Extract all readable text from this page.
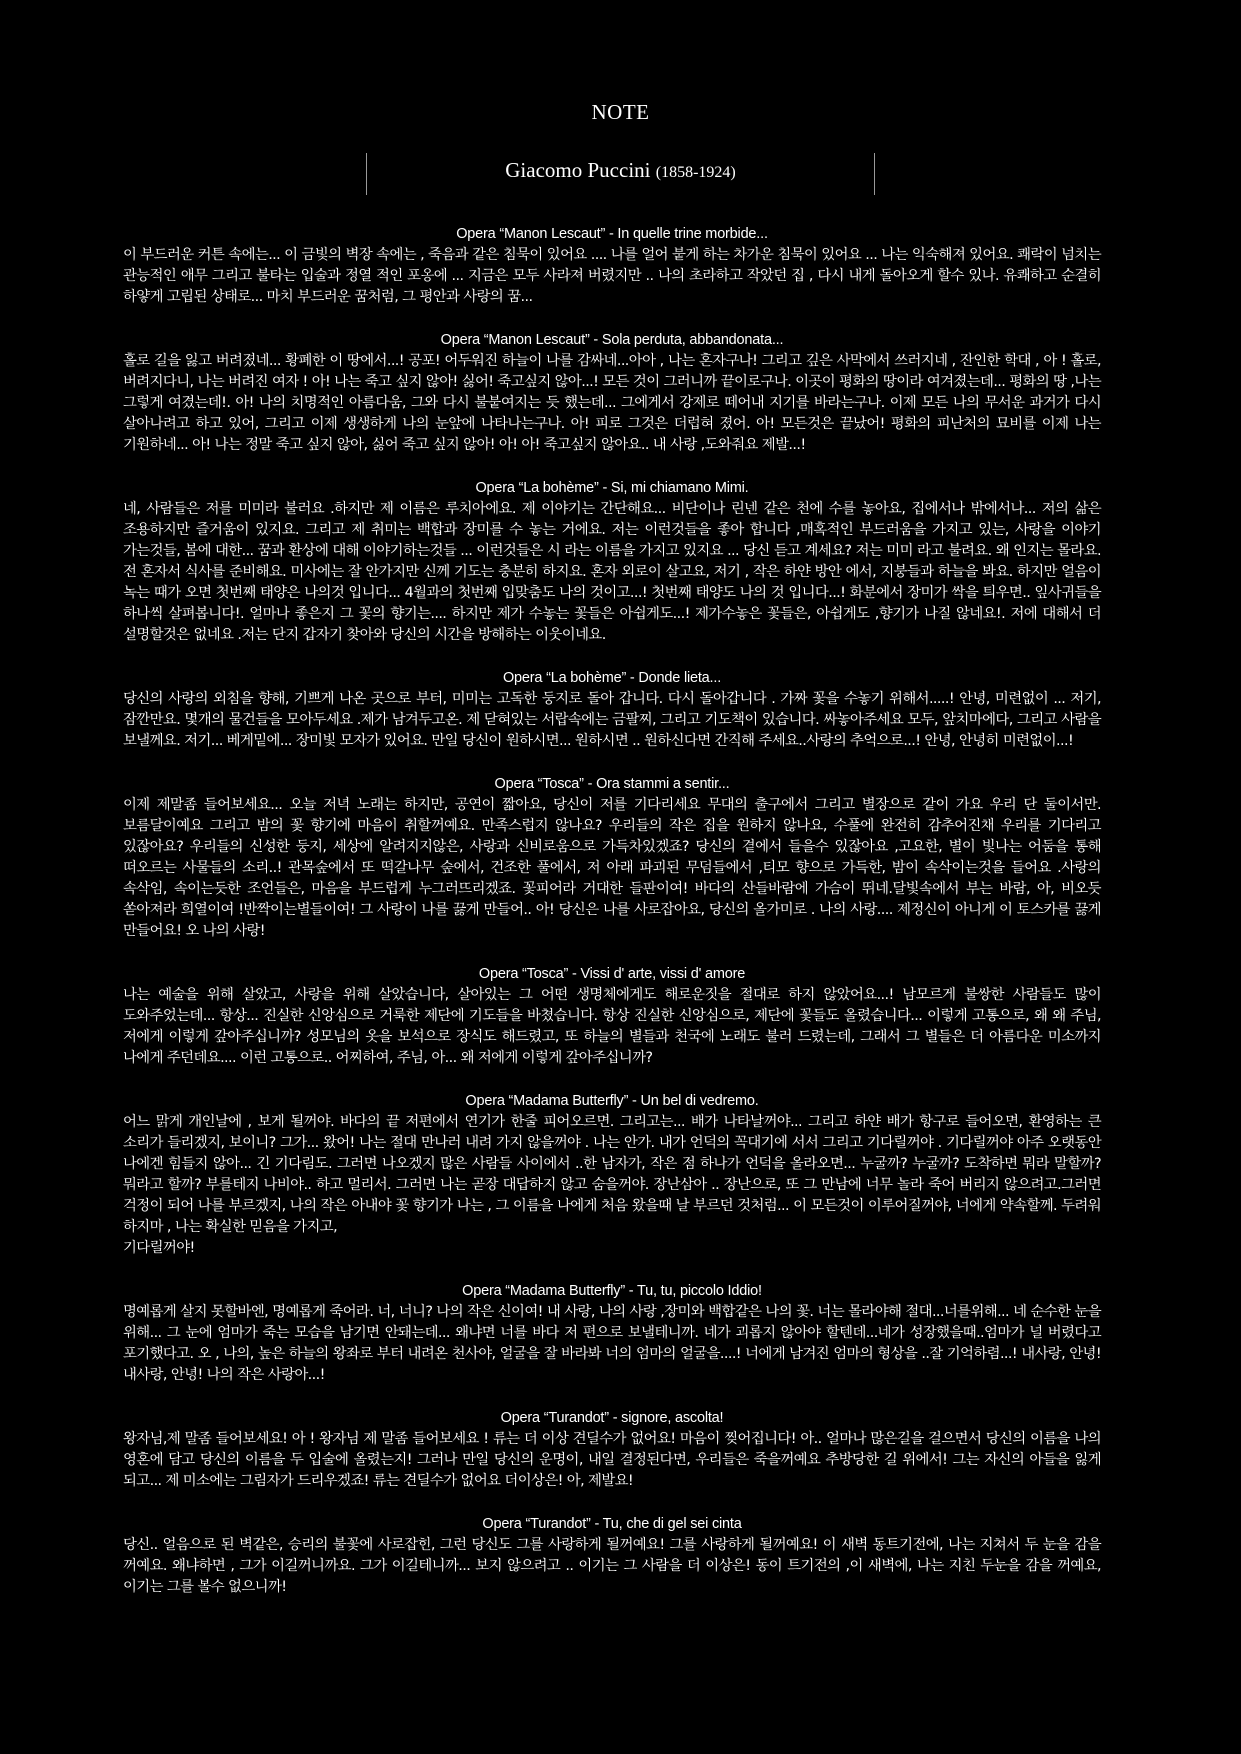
NOTE
Giacomo Puccini (1858-1924)
Opera “Manon Lescaut” - In quelle trine morbide...
이 부드러운 커튼 속에는... 이 금빛의 벽장 속에는 , 죽음과 같은 침묵이 있어요 .... 나를 얼어 붙게 하는 차가운 침묵이 있어요 ... 나는 익숙해져 있어요. 쾌락이 넘치는 관능적인 애무 그리고 불타는 입술과 정열 적인 포옹에 ... 지금은 모두 사라져 버렸지만 .. 나의 초라하고 작았던 집 , 다시 내게 돌아오게 할수 있나. 유쾌하고 순결히 하얗게 고립된 상태로... 마치 부드러운 꿈처럼, 그 평안과 사랑의 꿈...
Opera “Manon Lescaut” - Sola perduta, abbandonata...
홀로 길을 잃고 버려졌네... 황폐한 이 땅에서...! 공포! 어두워진 하늘이 나를 감싸네...아아 , 나는 혼자구나! 그리고 깊은 사막에서 쓰러지네 , 잔인한 학대 , 아 ! 홀로, 버려지다니, 나는 버려진 여자 ! 아! 나는 죽고 싶지 않아! 싫어! 죽고싶지 않아...! 모든 것이 그러니까 끝이로구나. 이곳이 평화의 땅이라 여겨졌는데... 평화의 땅 ,나는 그렇게 여겼는데!. 아! 나의 치명적인 아름다움, 그와 다시 불붙여지는 듯 했는데... 그에게서 강제로 떼어내 지기를 바라는구나. 이제 모든 나의 무서운 과거가 다시 살아나려고 하고 있어, 그리고 이제 생생하게 나의 눈앞에 나타나는구나. 아! 피로 그것은 더럽혀 졌어. 아! 모든것은 끝났어! 평화의 피난처의 묘비를 이제 나는 기원하네... 아! 나는 정말 죽고 싶지 않아, 싫어 죽고 싶지 않아! 아! 아! 죽고싶지 않아요.. 내 사랑 ,도와줘요 제발...!
Opera “La bohème” - Si, mi chiamano Mimi.
네, 사람들은 저를 미미라 불러요 .하지만 제 이름은 루치아에요. 제 이야기는 간단해요... 비단이나 린넨 같은 천에 수를 놓아요, 집에서나 밖에서나... 저의 삶은 조용하지만 즐거움이 있지요. 그리고 제 취미는 백합과 장미를 수 놓는 거에요. 저는 이런것들을 좋아 합니다 ,매혹적인 부드러움을 가지고 있는, 사랑을 이야기 가는것들, 봄에 대한... 꿈과 환상에 대해 이야기하는것들 ... 이런것들은 시 라는 이름을 가지고 있지요 ... 당신 듣고 계세요? 저는 미미 라고 불려요. 왜 인지는 몰라요. 전 혼자서 식사를 준비해요. 미사에는 잘 안가지만 신께 기도는 충분히 하지요. 혼자 외로이 살고요, 저기 , 작은 하얀 방안 에서, 지붕들과 하늘을 봐요. 하지만 얼음이 녹는 때가 오면 첫번째 태양은 나의것 입니다... 4월과의 첫번째 입맞춤도 나의 것이고...! 첫번째 태양도 나의 것 입니다...! 화분에서 장미가 싹을 틔우면.. 잎사귀들을 하나씩 살펴봅니다!. 얼마나 좋은지 그 꽃의 향기는.... 하지만 제가 수놓는 꽃들은 아쉽게도...! 제가수놓은 꽃들은, 아쉽게도 ,향기가 나질 않네요!. 저에 대해서 더 설명할것은 없네요 .저는 단지 갑자기 찾아와 당신의 시간을 방해하는 이웃이네요.
Opera “La bohème” - Donde lieta...
당신의 사랑의 외침을 향해, 기쁘게 나온 곳으로 부터, 미미는 고독한 둥지로 돌아 갑니다. 다시 돌아갑니다 . 가짜 꽃을 수놓기 위해서.....! 안녕, 미련없이 ... 저기, 잠깐만요. 몇개의 물건들을 모아두세요 .제가 남겨두고온. 제 닫혀있는 서랍속에는 금팔찌, 그리고 기도책이 있습니다. 싸놓아주세요 모두, 앞치마에다, 그리고 사람을 보낼께요. 저기... 베게밑에... 장미빛 모자가 있어요. 만일 당신이 원하시면... 원하시면 .. 원하신다면 간직해 주세요..사랑의 추억으로...! 안녕, 안녕히 미련없이...!
Opera “Tosca” - Ora stammi a sentir...
이제 제말좀 들어보세요... 오늘 저녁 노래는 하지만, 공연이 짧아요, 당신이 저를 기다리세요 무대의 출구에서 그리고 별장으로 같이 가요 우리 단 둘이서만. 보름달이예요 그리고 밤의 꽃 향기에 마음이 취할꺼예요. 만족스럽지 않나요? 우리들의 작은 집을 원하지 않나요, 수풀에 완전히 감추어진채 우리를 기다리고 있잖아요? 우리들의 신성한 둥지, 세상에 알려지지않은, 사랑과 신비로움으로 가득차있겠죠? 당신의 곁에서 들을수 있잖아요 ,고요한, 별이 빛나는 어둠을 통해 떠오르는 사물들의 소리..! 관목숲에서 또 떡갈나무 숲에서, 건조한 풀에서, 저 아래 파괴된 무덤들에서 ,티모 향으로 가득한, 밤이 속삭이는것을 들어요 .사랑의 속삭임, 속이는듯한 조언들은, 마음을 부드럽게 누그러뜨리겠죠. 꽃피어라 거대한 들판이여! 바다의 산들바람에 가슴이 뛰네.달빛속에서 부는 바람, 아, 비오듯 쏟아져라 희열이여 !반짝이는별들이여! 그 사랑이 나를 끓게 만들어.. 아! 당신은 나를 사로잡아요, 당신의 올가미로 . 나의 사랑.... 제정신이 아니게 이 토스카를 끓게 만들어요! 오 나의 사랑!
Opera “Tosca” - Vissi d' arte, vissi d' amore
나는 예술을 위해 살았고, 사랑을 위해 살았습니다, 살아있는 그 어떤 생명체에게도 해로운짓을 절대로 하지 않았어요...! 남모르게 불쌍한 사람들도 많이 도와주었는데... 항상... 진실한 신앙심으로 거룩한 제단에 기도들을 바쳤습니다. 항상 진실한 신앙심으로, 제단에 꽃들도 올렸습니다... 이렇게 고통으로, 왜 왜 주님, 저에게 이렇게 갚아주십니까? 성모님의 옷을 보석으로 장식도 해드렸고, 또 하늘의 별들과 천국에 노래도 불러 드렸는데, 그래서 그 별들은 더 아름다운 미소까지 나에게 주던데요.... 이런 고통으로.. 어찌하여, 주님, 아... 왜 저에게 이렇게 갚아주십니까?
Opera “Madama Butterfly” - Un bel di vedremo.
어느 맑게 개인날에 , 보게 될꺼야. 바다의 끝 저편에서 연기가 한줄 피어오르면. 그리고는... 배가 나타날꺼야... 그리고 하얀 배가 항구로 들어오면, 환영하는 큰 소리가 들리겠지, 보이니? 그가... 왔어! 나는 절대 만나러 내려 가지 않을꺼야 . 나는 안가. 내가 언덕의 꼭대기에 서서 그리고 기다릴꺼야 . 기다릴꺼야 아주 오랫동안 나에겐 힘들지 않아... 긴 기다림도. 그러면 나오겠지 많은 사람들 사이에서 ..한 남자가, 작은 점 하나가 언덕을 올라오면... 누굴까? 누굴까? 도착하면 뭐라 말할까? 뭐라고 할까? 부를테지 나비야.. 하고 멀리서. 그러면 나는 곧장 대답하지 않고 숨을꺼야. 장난삼아 .. 장난으로, 또 그 만남에 너무 놀라 죽어 버리지 않으려고.그러면 걱정이 되어 나를 부르겠지, 나의 작은 아내야 꽃 향기가 나는 , 그 이름을 나에게 처음 왔을때 날 부르던 것처럼... 이 모든것이 이루어질꺼야, 너에게 약속할께. 두려워 하지마 , 나는 확실한 믿음을 가지고,
기다릴꺼야!
Opera “Madama Butterfly” - Tu, tu, piccolo Iddio!
명예롭게 살지 못할바엔, 명예롭게 죽어라. 너, 너니? 나의 작은 신이여! 내 사랑, 나의 사랑 ,장미와 백합같은 나의 꽃. 너는 몰라야해 절대...너를위해... 네 순수한 눈을 위해... 그 눈에 엄마가 죽는 모습을 남기면 안돼는데... 왜냐면 너를 바다 저 편으로 보낼테니까. 네가 괴롭지 않아야 할텐데...네가 성장했을때..엄마가 널 버렸다고 포기했다고. 오 , 나의, 높은 하늘의 왕좌로 부터 내려온 천사야, 얼굴을 잘 바라봐 너의 엄마의 얼굴을....! 너에게 남겨진 엄마의 형상을 ..잘 기억하렴...! 내사랑, 안녕! 내사랑, 안녕! 나의 작은 사랑아...!
Opera “Turandot” - signore, ascolta!
왕자님,제 말좀 들어보세요! 아 ! 왕자님 제 말좀 들어보세요 ! 류는 더 이상 견딜수가 없어요! 마음이 찢어집니다! 아.. 얼마나 많은길을 걸으면서 당신의 이름을 나의 영혼에 담고 당신의 이름을 두 입술에 올렸는지! 그러나 만일 당신의 운명이, 내일 결정된다면, 우리들은 죽을꺼예요 추방당한 길 위에서! 그는 자신의 아들을 잃게 되고... 제 미소에는 그림자가 드리우겠죠! 류는 견딜수가 없어요 더이상은! 아, 제발요!
Opera “Turandot” - Tu, che di gel sei cinta
당신.. 얼음으로 된 벽같은, 승리의 불꽃에 사로잡힌, 그런 당신도 그를 사랑하게 될꺼예요! 그를 사랑하게 될꺼예요! 이 새벽 동트기전에, 나는 지쳐서 두 눈을 감을 꺼예요. 왜냐하면 , 그가 이길꺼니까요. 그가 이길테니까... 보지 않으려고 .. 이기는 그 사람을 더 이상은! 동이 트기전의 ,이 새벽에, 나는 지친 두눈을 감을 꺼예요, 이기는 그를 볼수 없으니까!
